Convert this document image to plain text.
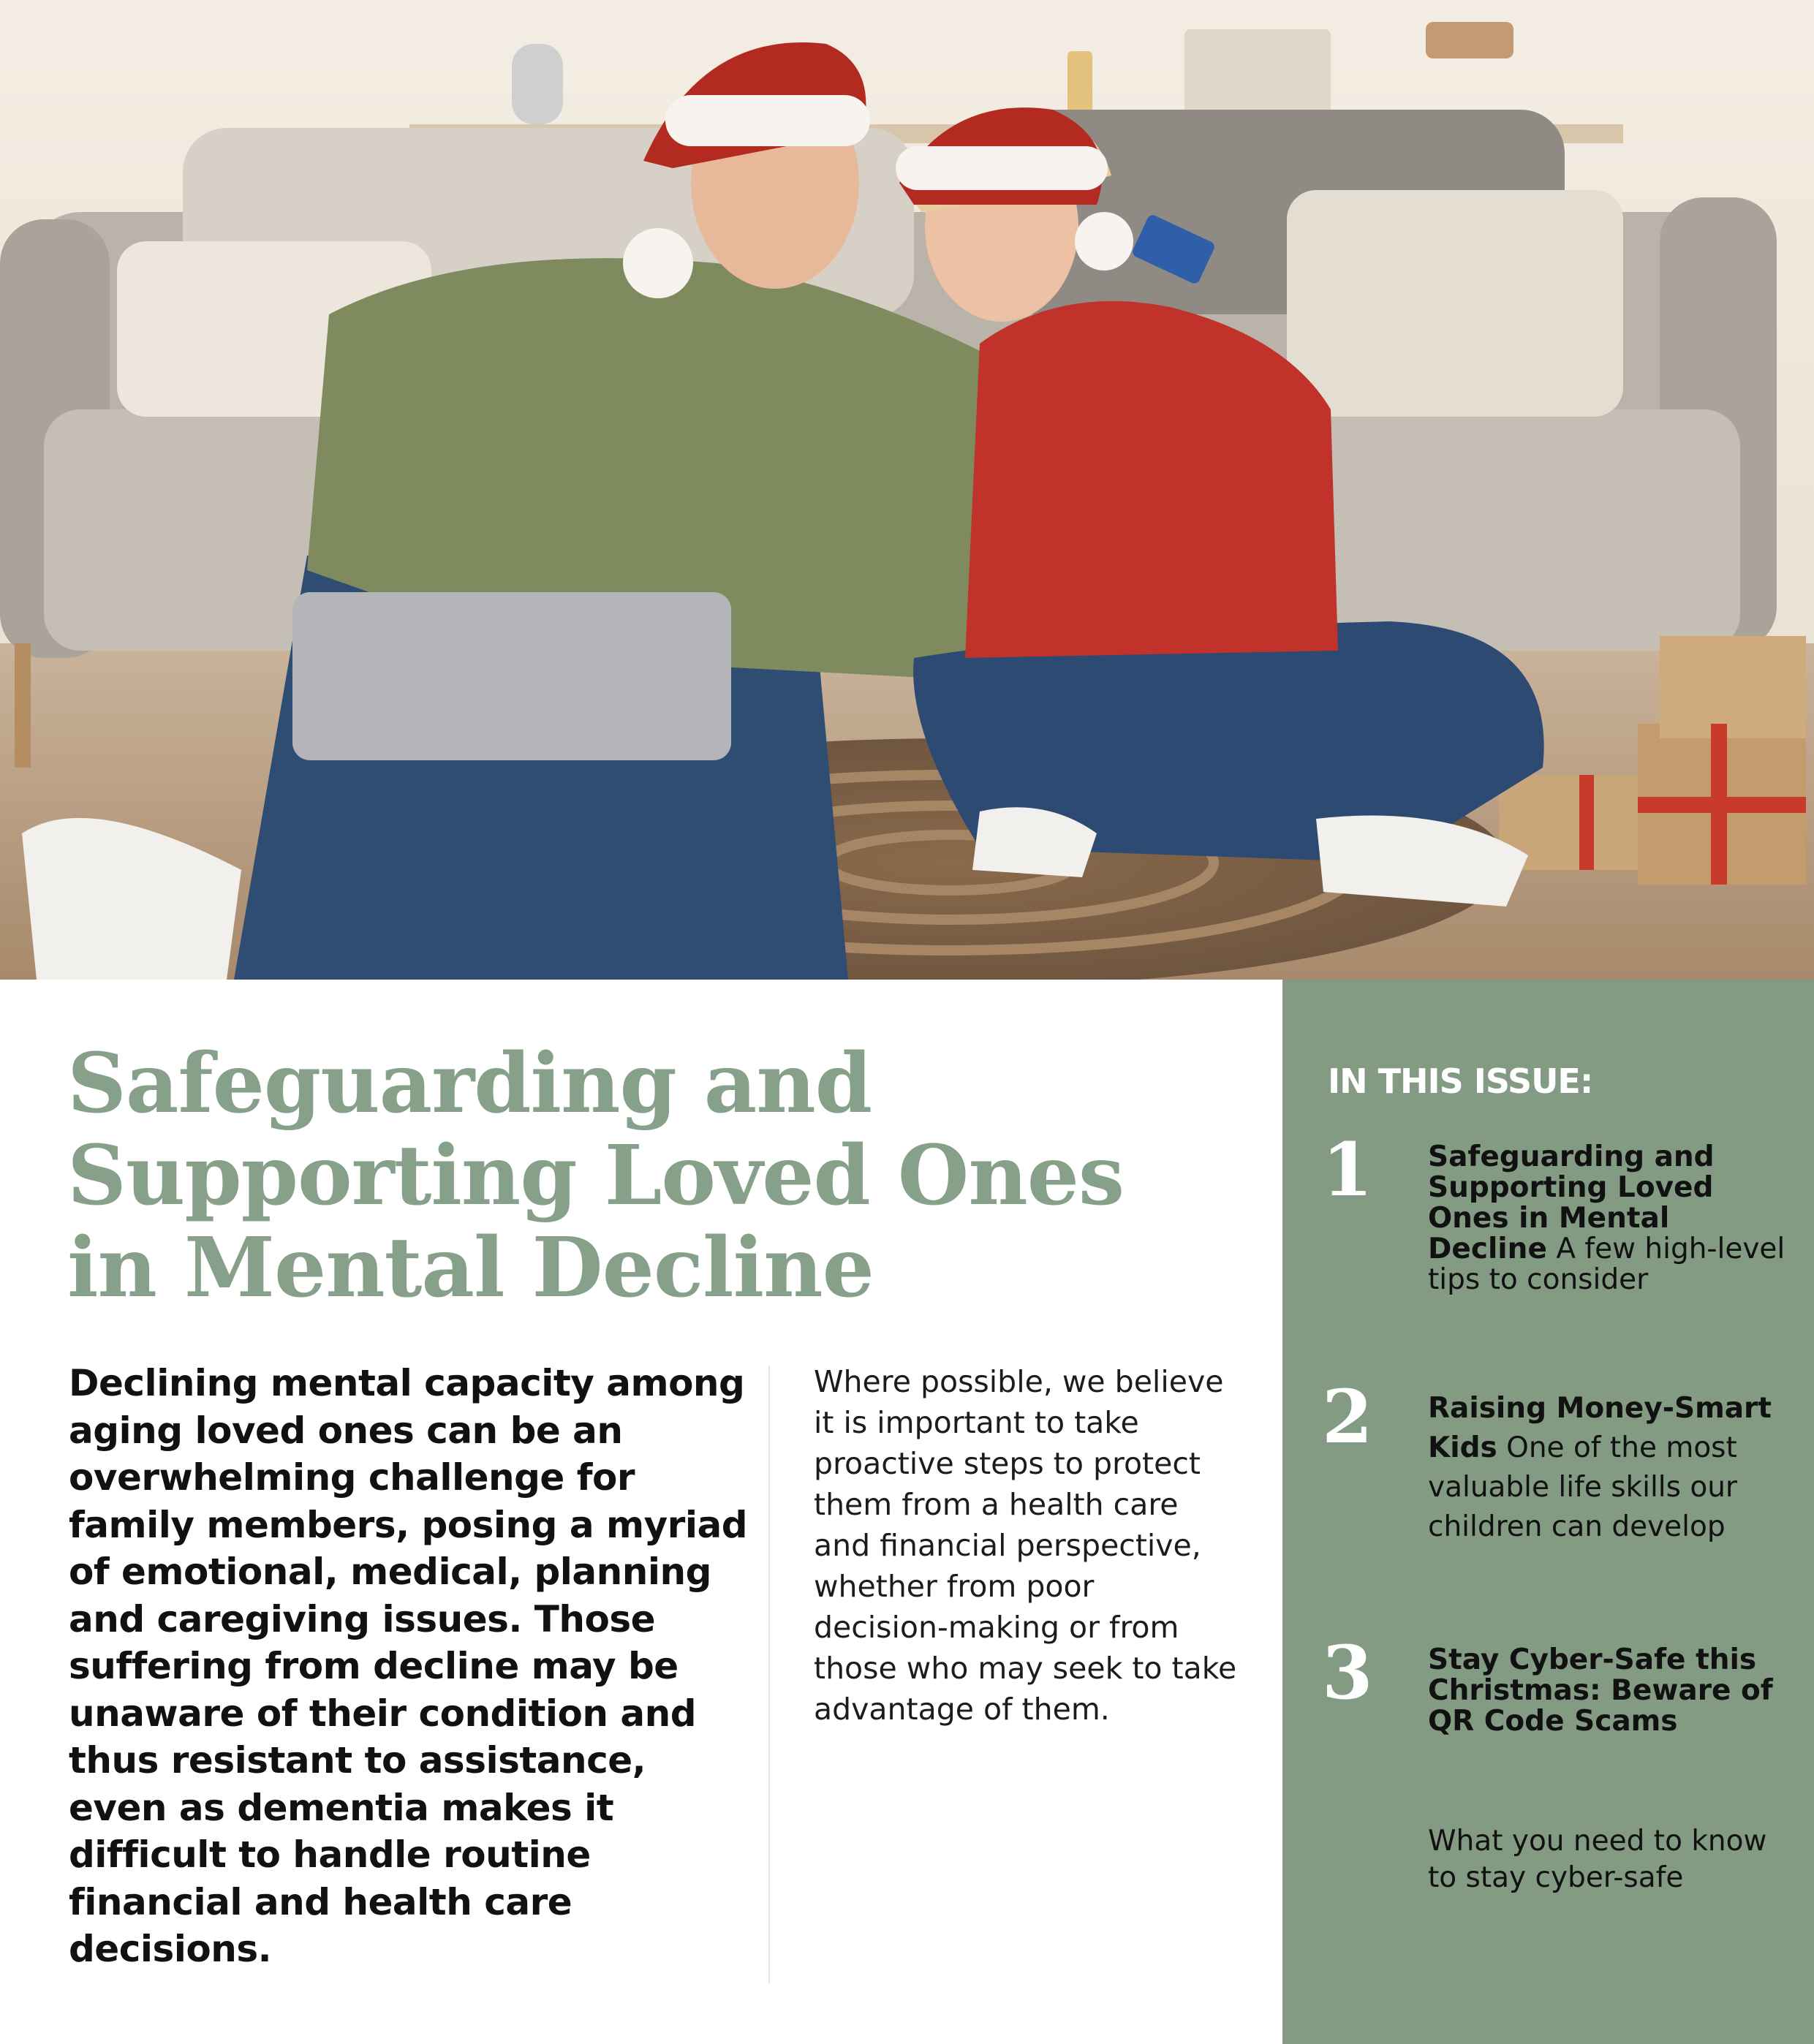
Safeguarding and
Supporting Loved Ones
in Mental Decline

Declining mental capacity among aging loved ones can be an overwhelming challenge for family members, posing a myriad of emotional, medical, planning and caregiving issues. Those suffering from decline may be unaware of their condition and thus resistant to assistance, even as dementia makes it difficult to handle routine financial and health care decisions.

Where possible, we believe it is important to take proactive steps to protect them from a health care and financial perspective, whether from poor decision-making or from those who may seek to take advantage of them.

IN THIS ISSUE:
1 Safeguarding and Supporting Loved Ones in Mental Decline A few high-level tips to consider

2 Raising Money-Smart Kids One of the most valuable life skills our children can develop

3 Stay Cyber-Safe this Christmas: Beware of QR Code Scams

What you need to know to stay cyber-safe
